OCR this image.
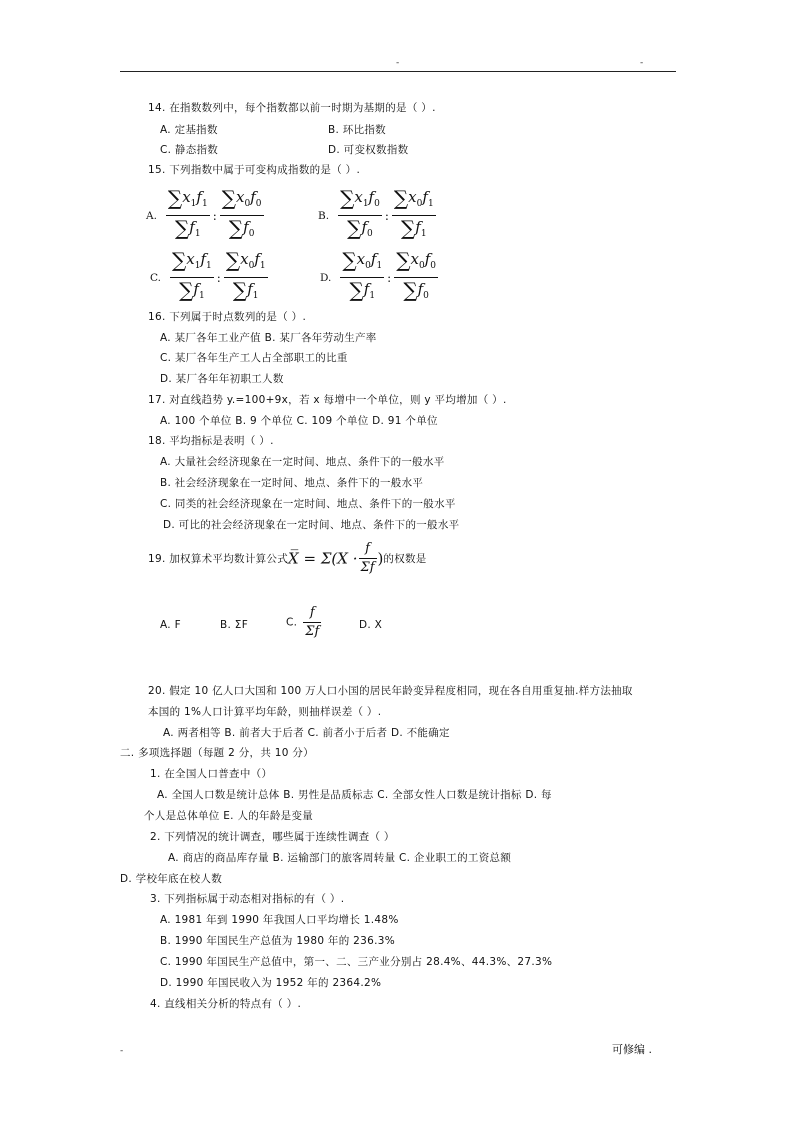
-	-
14. 在指数数列中，每个指数都以前一时期为基期的是（ ）.
A. 定基指数	B. 环比指数
C. 静态指数	D. 可变权数指数
15. 下列指数中属于可变构成指数的是（ ）.
A. $\frac{\sum x_1f_1}{\sum f_1}$ : $\frac{\sum x_0f_0}{\sum f_0}$	B. $\frac{\sum x_1f_0}{\sum f_0}$ : $\frac{\sum x_0f_1}{\sum f_1}$
C. $\frac{\sum x_1f_1}{\sum f_1}$ : $\frac{\sum x_0f_1}{\sum f_1}$	D. $\frac{\sum x_0f_1}{\sum f_1}$ : $\frac{\sum x_0f_0}{\sum f_0}$
16. 下列属于时点数列的是（ ）.
A. 某厂各年工业产值 B. 某厂各年劳动生产率
C. 某厂各年生产工人占全部职工的比重
D. 某厂各年年初职工人数
17. 对直线趋势 y.=100+9x，若 x 每增中一个单位，则 y 平均增加（ ）.
A. 100 个单位 B. 9 个单位 C. 109 个单位 D. 91 个单位
18. 平均指标是表明（ ）.
A. 大量社会经济现象在一定时间、地点、条件下的一般水平
B. 社会经济现象在一定时间、地点、条件下的一般水平
C. 同类的社会经济现象在一定时间、地点、条件下的一般水平
D. 可比的社会经济现象在一定时间、地点、条件下的一般水平
19. 加权算术平均数计算公式X̅ = $\Sigma(X \cdot \frac{f}{\Sigma f}$ )的权数是
A. F	B. ΣF	C. $\frac{f}{\Sigma f}$	D. X
20. 假定 10 亿人口大国和 100 万人口小国的居民年龄变异程度相同，现在各自用重复抽.样方法抽取
本国的 1%人口计算平均年龄，则抽样误差（ ）.
A. 两者相等 B. 前者大于后者 C. 前者小于后者 D. 不能确定
二. 多项选择题（每题 2 分，共 10 分）
1. 在全国人口普查中（）
A. 全国人口数是统计总体 B. 男性是品质标志 C. 全部女性人口数是统计指标 D. 每
个人是总体单位 E. 人的年龄是变量
2. 下列情况的统计调查，哪些属于连续性调查（ ）
A. 商店的商品库存量 B. 运输部门的旅客周转量 C. 企业职工的工资总额
D. 学校年底在校人数
3. 下列指标属于动态相对指标的有（ ）.
A. 1981 年到 1990 年我国人口平均增长 1.48%
B. 1990 年国民生产总值为 1980 年的 236.3%
C. 1990 年国民生产总值中，第一、二、三产业分别占 28.4%、44.3%、27.3%
D. 1990 年国民收入为 1952 年的 2364.2%
4. 直线相关分析的特点有（ ）.
-	可修编 .
